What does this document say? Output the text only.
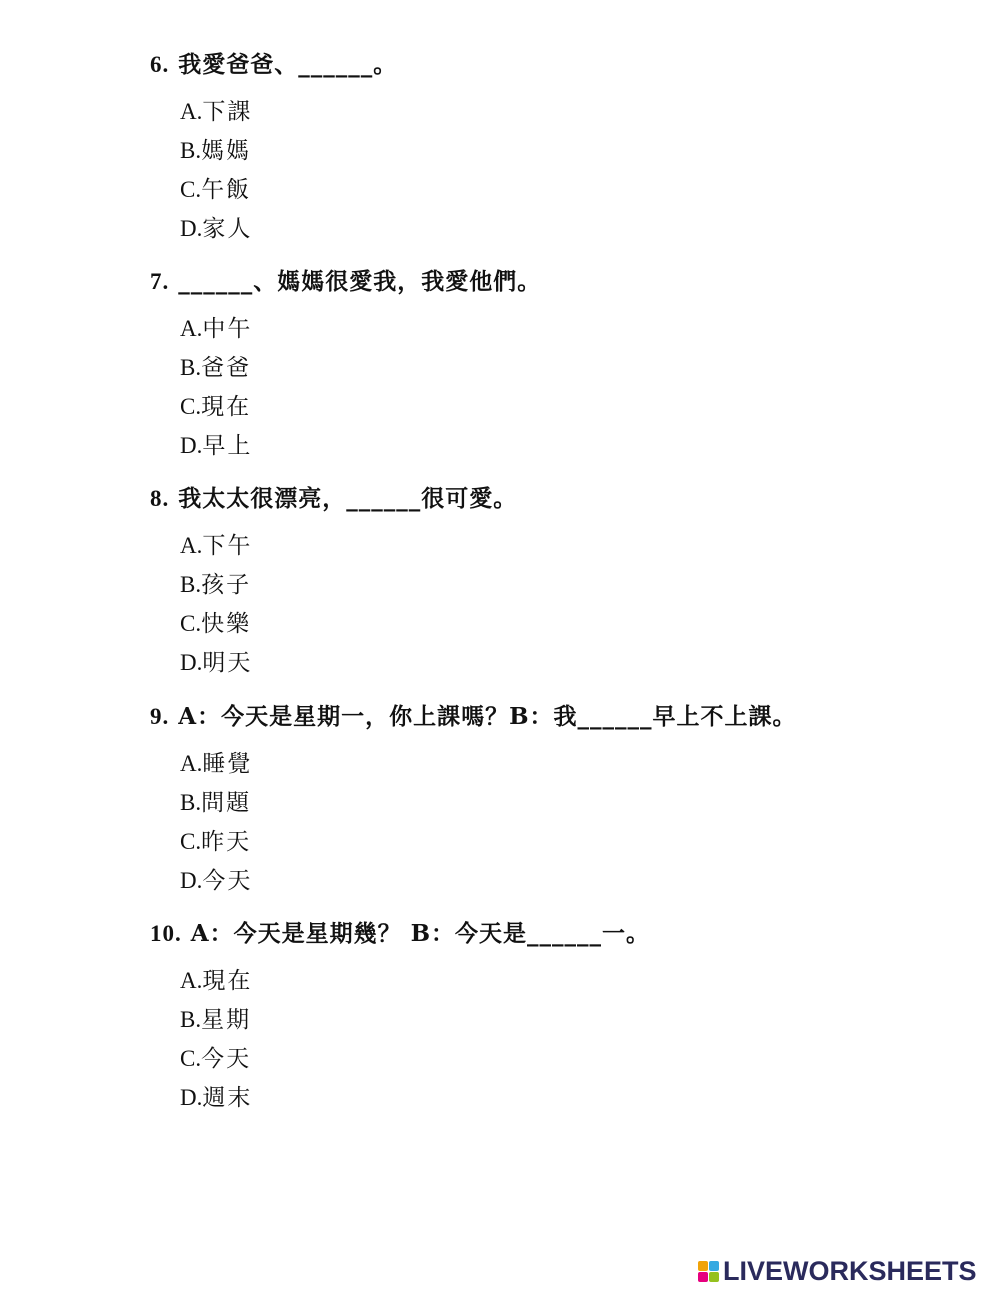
6. 我愛爸爸、______。
A.下課
B.媽媽
C.午飯
D.家人
7. ______、媽媽很愛我，我愛他們。
A.中午
B.爸爸
C.現在
D.早上
8. 我太太很漂亮，______很可愛。
A.下午
B.孩子
C.快樂
D.明天
9. A：今天是星期一，你上課嗎？B：我______早上不上課。
A.睡覺
B.問題
C.昨天
D.今天
10. A：今天是星期幾？ B：今天是______一。
A.現在
B.星期
C.今天
D.週末
LIVEWORKSHEETS
